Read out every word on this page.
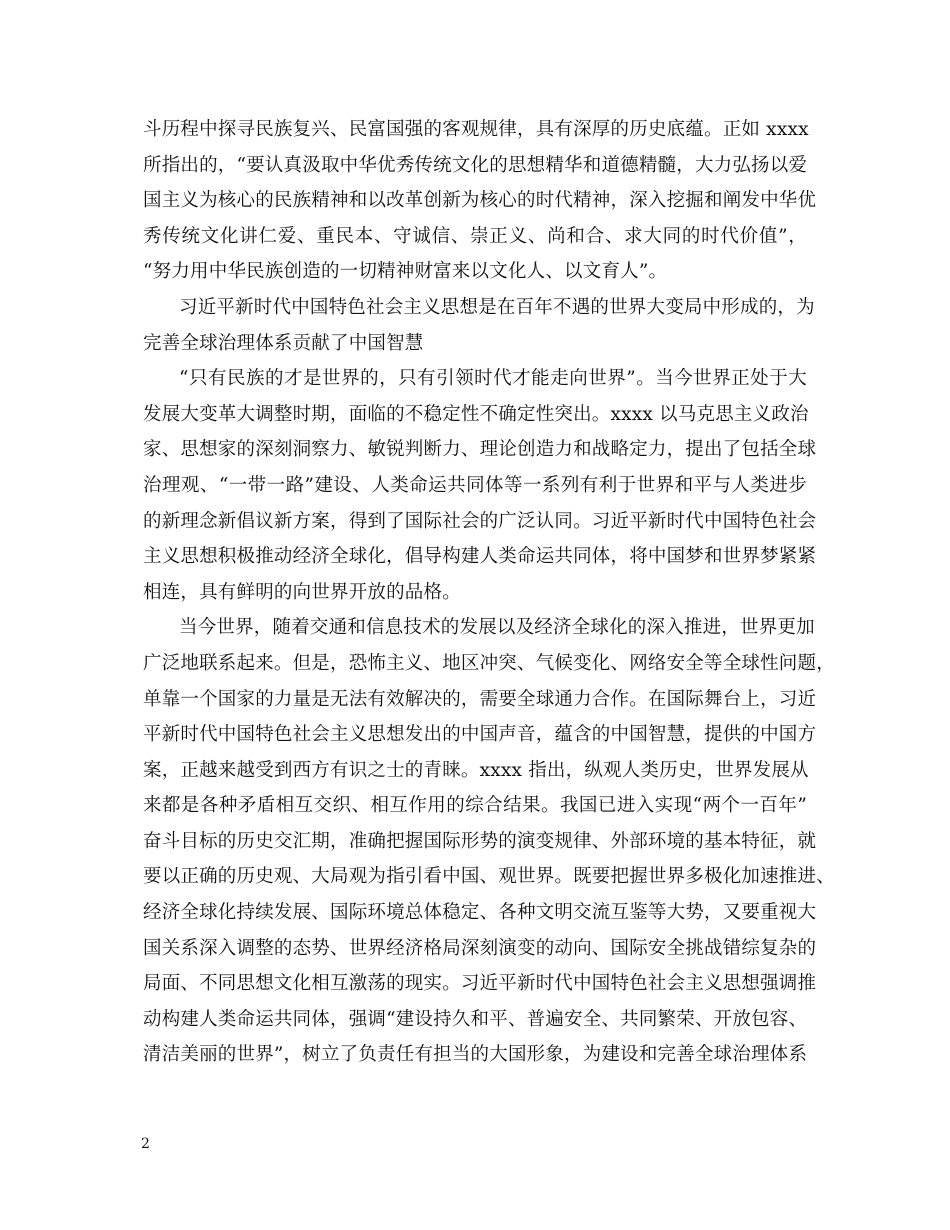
斗历程中探寻民族复兴、民富国强的客观规律，具有深厚的历史底蕴。正如 xxxx
所指出的，“要认真汲取中华优秀传统文化的思想精华和道德精髓，大力弘扬以爱
国主义为核心的民族精神和以改革创新为核心的时代精神，深入挖掘和阐发中华优
秀传统文化讲仁爱、重民本、守诚信、崇正义、尚和合、求大同的时代价值”，
“努力用中华民族创造的一切精神财富来以文化人、以文育人”。
习近平新时代中国特色社会主义思想是在百年不遇的世界大变局中形成的，为
完善全球治理体系贡献了中国智慧
“只有民族的才是世界的，只有引领时代才能走向世界”。当今世界正处于大
发展大变革大调整时期，面临的不稳定性不确定性突出。xxxx 以马克思主义政治
家、思想家的深刻洞察力、敏锐判断力、理论创造力和战略定力，提出了包括全球
治理观、“一带一路”建设、人类命运共同体等一系列有利于世界和平与人类进步
的新理念新倡议新方案，得到了国际社会的广泛认同。习近平新时代中国特色社会
主义思想积极推动经济全球化，倡导构建人类命运共同体，将中国梦和世界梦紧紧
相连，具有鲜明的向世界开放的品格。
当今世界，随着交通和信息技术的发展以及经济全球化的深入推进，世界更加
广泛地联系起来。但是，恐怖主义、地区冲突、气候变化、网络安全等全球性问题，
单靠一个国家的力量是无法有效解决的，需要全球通力合作。在国际舞台上，习近
平新时代中国特色社会主义思想发出的中国声音，蕴含的中国智慧，提供的中国方
案，正越来越受到西方有识之士的青睐。xxxx 指出，纵观人类历史，世界发展从
来都是各种矛盾相互交织、相互作用的综合结果。我国已进入实现“两个一百年”
奋斗目标的历史交汇期，准确把握国际形势的演变规律、外部环境的基本特征，就
要以正确的历史观、大局观为指引看中国、观世界。既要把握世界多极化加速推进、
经济全球化持续发展、国际环境总体稳定、各种文明交流互鉴等大势，又要重视大
国关系深入调整的态势、世界经济格局深刻演变的动向、国际安全挑战错综复杂的
局面、不同思想文化相互激荡的现实。习近平新时代中国特色社会主义思想强调推
动构建人类命运共同体，强调“建设持久和平、普遍安全、共同繁荣、开放包容、
清洁美丽的世界”，树立了负责任有担当的大国形象，为建设和完善全球治理体系
2
